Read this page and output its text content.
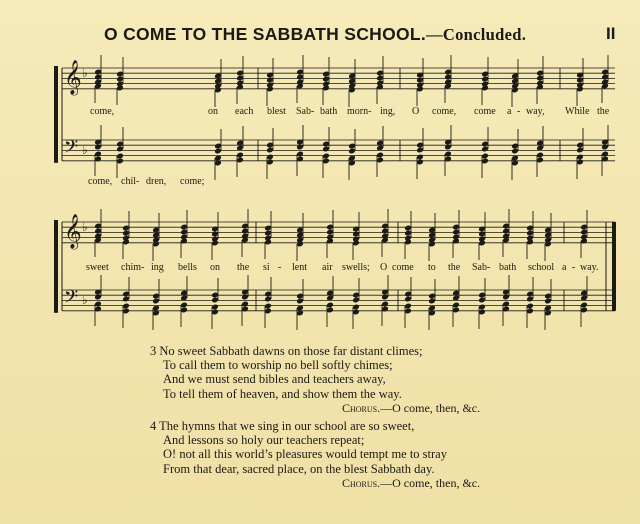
O COME TO THE SABBATH SCHOOL.—Concluded.	II
𝄞
𝄢
♭
♭
𝄞
𝄢
♭
♭
come,	on each blest Sab- bath morn- ing, O come, come a - way, While the
come, chil- dren, come;
sweet chim- ing bells on the si - lent air swells; O come to the Sab- bath school a - way.
3 No sweet Sabbath dawns on those far distant climes;
To call them to worship no bell softly chimes;
And we must send bibles and teachers away,
To tell them of heaven, and show them the way.
Chorus.—O come, then, &c.
4 The hymns that we sing in our school are so sweet,
And lessons so holy our teachers repeat;
O! not all this world’s pleasures would tempt me to stray
From that dear, sacred place, on the blest Sabbath day.
Chorus.—O come, then, &c.
